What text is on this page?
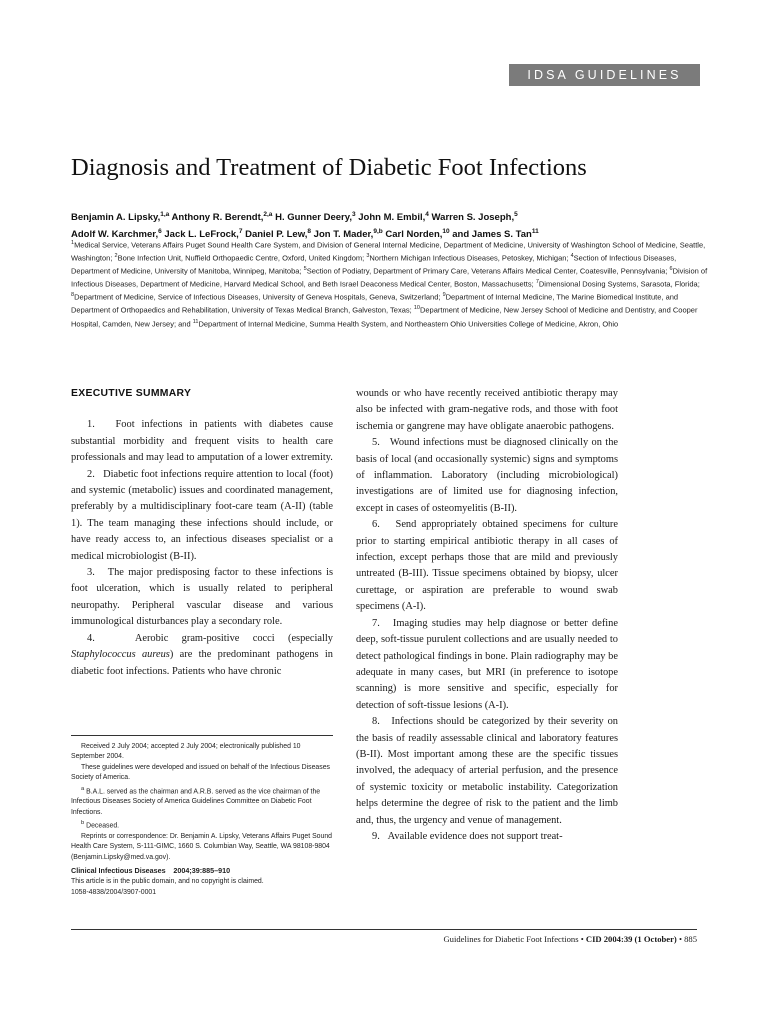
IDSA GUIDELINES
Diagnosis and Treatment of Diabetic Foot Infections
Benjamin A. Lipsky,$^{1,a}$ Anthony R. Berendt,$^{2,a}$ H. Gunner Deery,$^3$ John M. Embil,$^4$ Warren S. Joseph,$^5$
Adolf W. Karchmer,$^6$ Jack L. LeFrock,$^7$ Daniel P. Lew,$^8$ Jon T. Mader,$^{9,b}$ Carl Norden,$^{10}$ and James S. Tan$^{11}$
$^1$Medical Service, Veterans Affairs Puget Sound Health Care System, and Division of General Internal Medicine, Department of Medicine, University of Washington School of Medicine, Seattle, Washington; $^2$Bone Infection Unit, Nuffield Orthopaedic Centre, Oxford, United Kingdom; $^3$Northern Michigan Infectious Diseases, Petoskey, Michigan; $^4$Section of Infectious Diseases, Department of Medicine, University of Manitoba, Winnipeg, Manitoba; $^5$Section of Podiatry, Department of Primary Care, Veterans Affairs Medical Center, Coatesville, Pennsylvania; $^6$Division of Infectious Diseases, Department of Medicine, Harvard Medical School, and Beth Israel Deaconess Medical Center, Boston, Massachusetts; $^7$Dimensional Dosing Systems, Sarasota, Florida; $^8$Department of Medicine, Service of Infectious Diseases, University of Geneva Hospitals, Geneva, Switzerland; $^9$Department of Internal Medicine, The Marine Biomedical Institute, and Department of Orthopaedics and Rehabilitation, University of Texas Medical Branch, Galveston, Texas; $^{10}$Department of Medicine, New Jersey School of Medicine and Dentistry, and Cooper Hospital, Camden, New Jersey; and $^{11}$Department of Internal Medicine, Summa Health System, and Northeastern Ohio Universities College of Medicine, Akron, Ohio
EXECUTIVE SUMMARY

1.   Foot infections in patients with diabetes cause substantial morbidity and frequent visits to health care professionals and may lead to amputation of a lower extremity.

2.   Diabetic foot infections require attention to local (foot) and systemic (metabolic) issues and coordinated management, preferably by a multidisciplinary foot-care team (A-II) (table 1). The team managing these infections should include, or have ready access to, an infectious diseases specialist or a medical microbiologist (B-II).

3.   The major predisposing factor to these infections is foot ulceration, which is usually related to peripheral neuropathy. Peripheral vascular disease and various immunological disturbances play a secondary role.

4.   Aerobic gram-positive cocci (especially Staphylococcus aureus) are the predominant pathogens in diabetic foot infections. Patients who have chronic

Received 2 July 2004; accepted 2 July 2004; electronically published 10 September 2004.

These guidelines were developed and issued on behalf of the Infectious Diseases Society of America.

$^a$ B.A.L. served as the chairman and A.R.B. served as the vice chairman of the Infectious Diseases Society of America Guidelines Committee on Diabetic Foot Infections.

$^b$ Deceased.

Reprints or correspondence: Dr. Benjamin A. Lipsky, Veterans Affairs Puget Sound Health Care System, S-111-GIMC, 1660 S. Columbian Way, Seattle, WA 98108-9804 (Benjamin.Lipsky@med.va.gov).

Clinical Infectious Diseases 2004;39:885–910

This article is in the public domain, and no copyright is claimed.

1058-4838/2004/3907-0001

wounds or who have recently received antibiotic therapy may also be infected with gram-negative rods, and those with foot ischemia or gangrene may have obligate anaerobic pathogens.

5.   Wound infections must be diagnosed clinically on the basis of local (and occasionally systemic) signs and symptoms of inflammation. Laboratory (including microbiological) investigations are of limited use for diagnosing infection, except in cases of osteomyelitis (B-II).

6.   Send appropriately obtained specimens for culture prior to starting empirical antibiotic therapy in all cases of infection, except perhaps those that are mild and previously untreated (B-III). Tissue specimens obtained by biopsy, ulcer curettage, or aspiration are preferable to wound swab specimens (A-I).

7.   Imaging studies may help diagnose or better define deep, soft-tissue purulent collections and are usually needed to detect pathological findings in bone. Plain radiography may be adequate in many cases, but MRI (in preference to isotope scanning) is more sensitive and specific, especially for detection of soft-tissue lesions (A-I).

8.   Infections should be categorized by their severity on the basis of readily assessable clinical and laboratory features (B-II). Most important among these are the specific tissues involved, the adequacy of arterial perfusion, and the presence of systemic toxicity or metabolic instability. Categorization helps determine the degree of risk to the patient and the limb and, thus, the urgency and venue of management.

9.   Available evidence does not support treat-

Guidelines for Diabetic Foot Infections • CID 2004:39 (1 October) • 885
